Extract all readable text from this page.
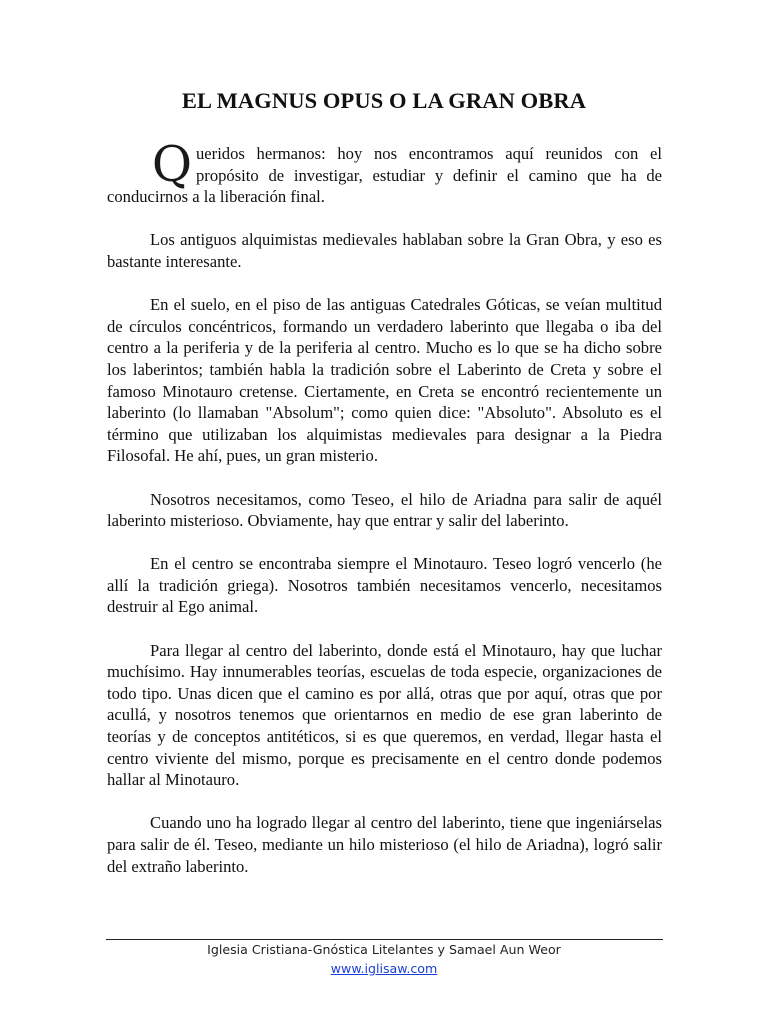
EL MAGNUS OPUS O LA GRAN OBRA

Q ueridos hermanos: hoy nos encontramos aquí reunidos con el propósito de investigar, estudiar y definir el camino que ha de conducirnos a la liberación final.

Los antiguos alquimistas medievales hablaban sobre la Gran Obra, y eso es bastante interesante.

En el suelo, en el piso de las antiguas Catedrales Góticas, se veían multitud de círculos concéntricos, formando un verdadero laberinto que llegaba o iba del centro a la periferia y de la periferia al centro. Mucho es lo que se ha dicho sobre los laberintos; también habla la tradición sobre el Laberinto de Creta y sobre el famoso Minotauro cretense. Ciertamente, en Creta se encontró recientemente un laberinto (lo llamaban "Absolum"; como quien dice: "Absoluto". Absoluto es el término que utilizaban los alquimistas medievales para designar a la Piedra Filosofal. He ahí, pues, un gran misterio.

Nosotros necesitamos, como Teseo, el hilo de Ariadna para salir de aquél laberinto misterioso. Obviamente, hay que entrar y salir del laberinto.

En el centro se encontraba siempre el Minotauro. Teseo logró vencerlo (he allí la tradición griega). Nosotros también necesitamos vencerlo, necesitamos destruir al Ego animal.

Para llegar al centro del laberinto, donde está el Minotauro, hay que luchar muchísimo. Hay innumerables teorías, escuelas de toda especie, organizaciones de todo tipo. Unas dicen que el camino es por allá, otras que por aquí, otras que por acullá, y nosotros tenemos que orientarnos en medio de ese gran laberinto de teorías y de conceptos antitéticos, si es que queremos, en verdad, llegar hasta el centro viviente del mismo, porque es precisamente en el centro donde podemos hallar al Minotauro.

Cuando uno ha logrado llegar al centro del laberinto, tiene que ingeniárselas para salir de él. Teseo, mediante un hilo misterioso (el hilo de Ariadna), logró salir del extraño laberinto.

Iglesia Cristiana-Gnóstica Litelantes y Samael Aun Weor
www.iglisaw.com
